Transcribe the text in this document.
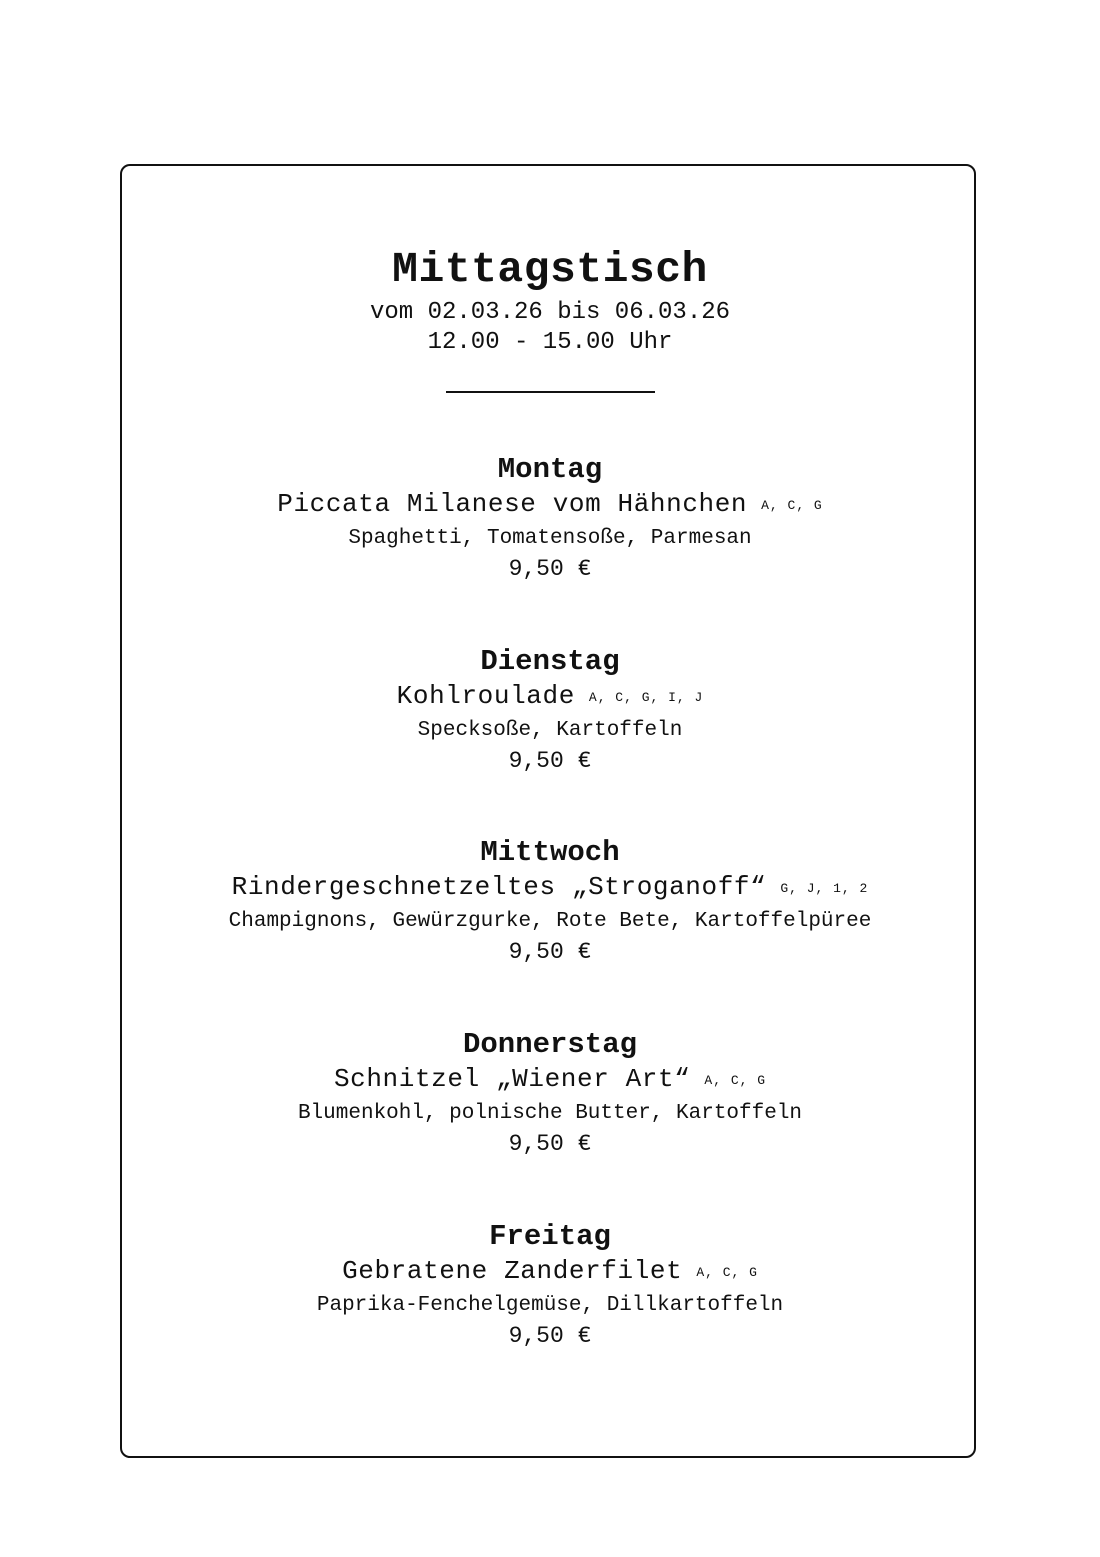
Mittagstisch
vom 02.03.26 bis 06.03.26
12.00 - 15.00 Uhr
Montag
Piccata Milanese vom Hähnchen A, C, G
Spaghetti, Tomatensoße, Parmesan
9,50 €
Dienstag
Kohlroulade A, C, G, I, J
Specksoße, Kartoffeln
9,50 €
Mittwoch
Rindergeschnetzeltes „Stroganoff“ G, J, 1, 2
Champignons, Gewürzgurke, Rote Bete, Kartoffelpüree
9,50 €
Donnerstag
Schnitzel „Wiener Art“ A, C, G
Blumenkohl, polnische Butter, Kartoffeln
9,50 €
Freitag
Gebratene Zanderfilet A, C, G
Paprika-Fenchelgemüse, Dillkartoffeln
9,50 €
